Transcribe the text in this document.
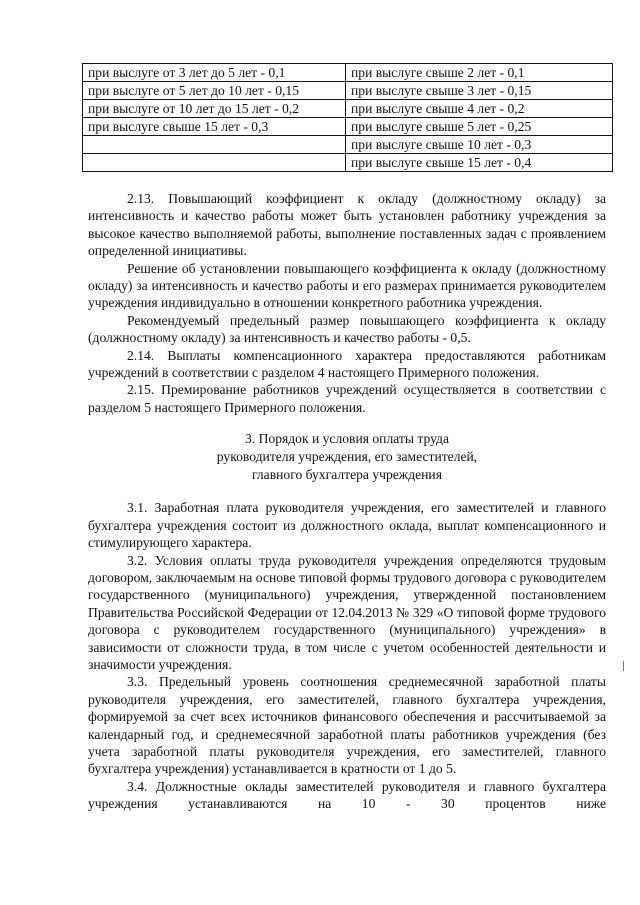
при выслуге от 3 лет до 5 лет - 0,1	при выслуге свыше 2 лет - 0,1
при выслуге от 5 лет до 10 лет - 0,15	при выслуге свыше 3 лет - 0,15
при выслуге от 10 лет до 15 лет - 0,2	при выслуге свыше 4 лет - 0,2
при выслуге свыше 15 лет - 0,3	при выслуге свыше 5 лет - 0,25
	при выслуге свыше 10 лет - 0,3
	при выслуге свыше 15 лет - 0,4

2.13. Повышающий коэффициент к окладу (должностному окладу) за интенсивность и качество работы может быть установлен работнику учреждения за высокое качество выполняемой работы, выполнение поставленных задач с проявлением определенной инициативы.

Решение об установлении повышающего коэффициента к окладу (должностному окладу) за интенсивность и качество работы и его размерах принимается руководителем учреждения индивидуально в отношении конкретного работника учреждения.

Рекомендуемый предельный размер повышающего коэффициента к окладу (должностному окладу) за интенсивность и качество работы - 0,5.

2.14. Выплаты компенсационного характера предоставляются работникам учреждений в соответствии с разделом 4 настоящего Примерного положения.

2.15. Премирование работников учреждений осуществляется в соответствии с разделом 5 настоящего Примерного положения.

3. Порядок и условия оплаты труда
руководителя учреждения, его заместителей,
главного бухгалтера учреждения

3.1. Заработная плата руководителя учреждения, его заместителей и главного бухгалтера учреждения состоит из должностного оклада, выплат компенсационного и стимулирующего характера.

3.2. Условия оплаты труда руководителя учреждения определяются трудовым договором, заключаемым на основе типовой формы трудового договора с руководителем государственного (муниципального) учреждения, утвержденной постановлением Правительства Российской Федерации от 12.04.2013 № 329 «О типовой форме трудового договора с руководителем государственного (муниципального) учреждения» в зависимости от сложности труда, в том числе с учетом особенностей деятельности и значимости учреждения.

3.3. Предельный уровень соотношения среднемесячной заработной платы руководителя учреждения, его заместителей, главного бухгалтера учреждения, формируемой за счет всех источников финансового обеспечения и рассчитываемой за календарный год, и среднемесячной заработной платы работников учреждения (без учета заработной платы руководителя учреждения, его заместителей, главного бухгалтера учреждения) устанавливается в кратности от 1 до 5.

3.4. Должностные оклады заместителей руководителя и главного бухгалтера учреждения устанавливаются на 10 - 30 процентов ниже
